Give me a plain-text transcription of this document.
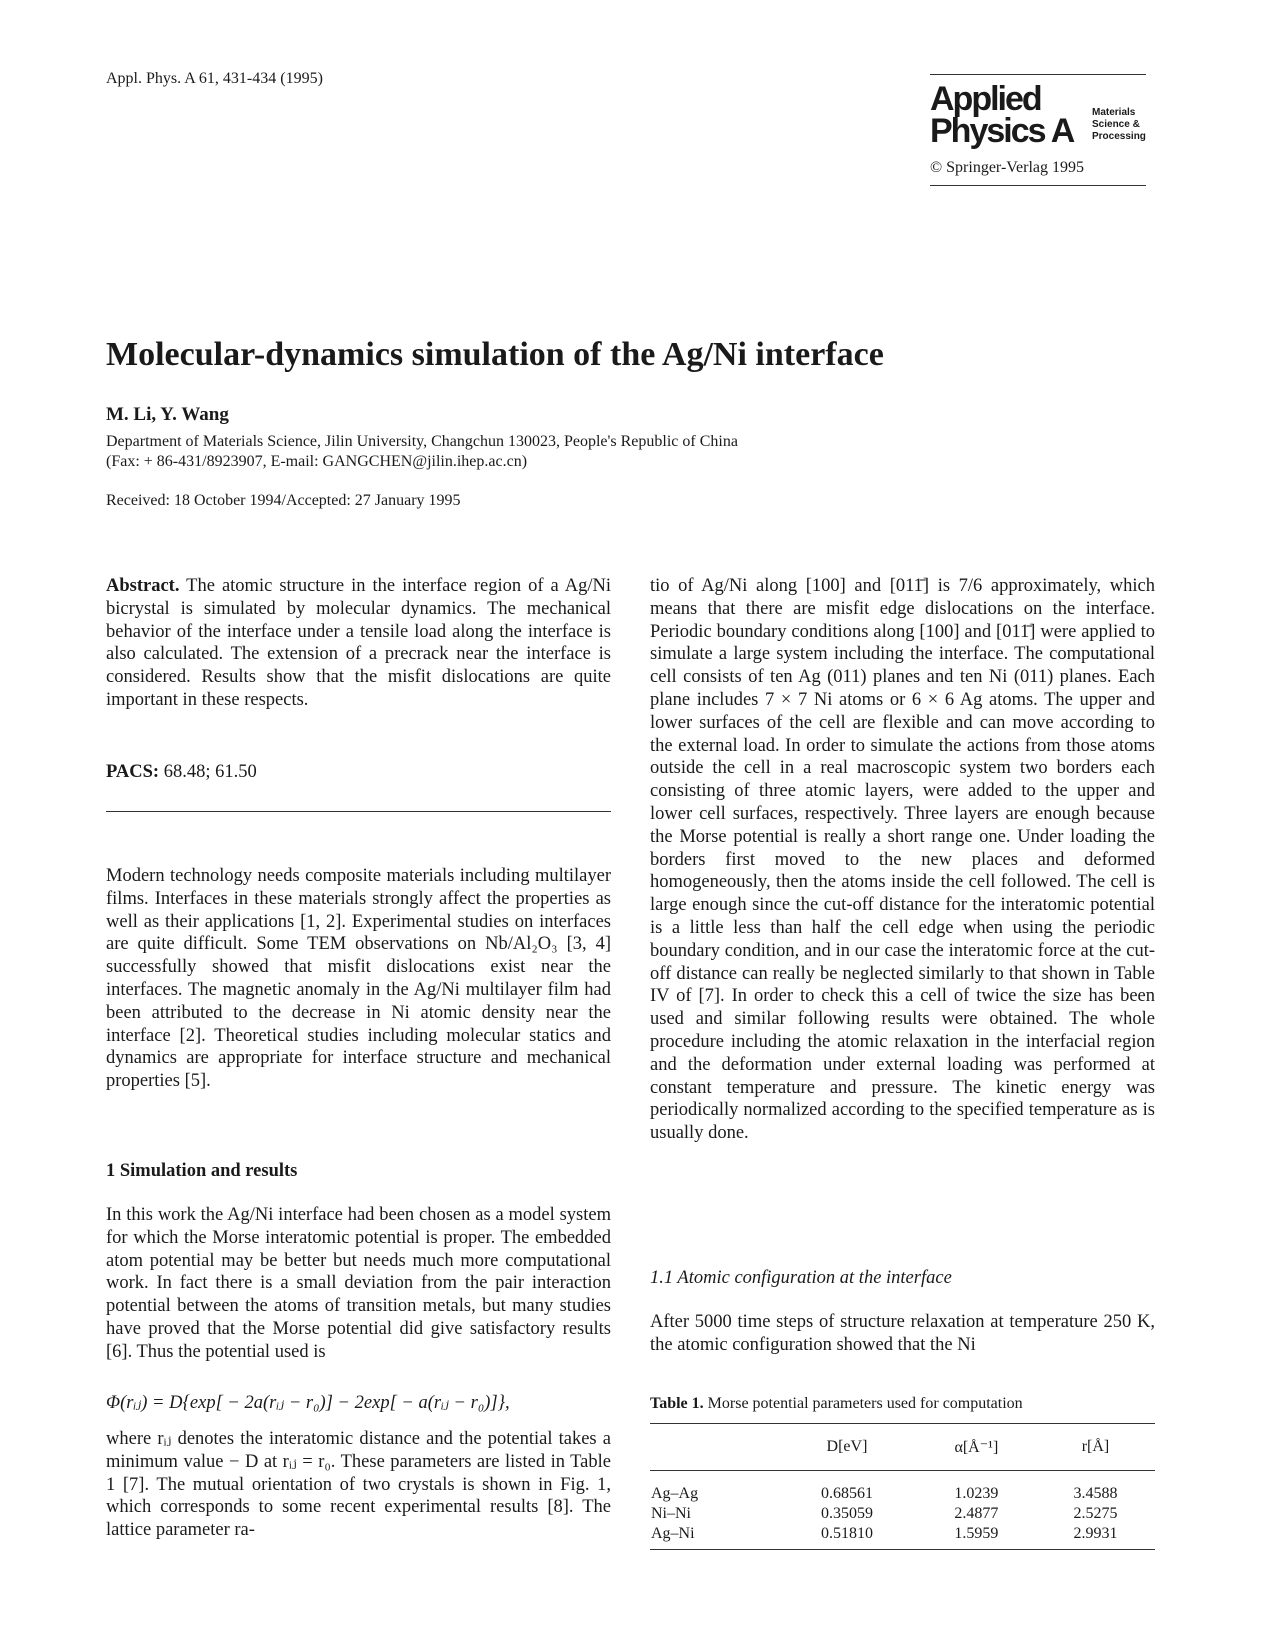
Appl. Phys. A 61, 431-434 (1995)
Applied
Physics A Materials
Science &
Processing
© Springer-Verlag 1995
Molecular-dynamics simulation of the Ag/Ni interface
M. Li, Y. Wang
Department of Materials Science, Jilin University, Changchun 130023, People's Republic of China
(Fax: + 86-431/8923907, E-mail: GANGCHEN@jilin.ihep.ac.cn)
Received: 18 October 1994/Accepted: 27 January 1995

Abstract. The atomic structure in the interface region of a Ag/Ni bicrystal is simulated by molecular dynamics. The mechanical behavior of the interface under a tensile load along the interface is also calculated. The extension of a precrack near the interface is considered. Results show that the misfit dislocations are quite important in these respects.

PACS: 68.48; 61.50

Modern technology needs composite materials including multilayer films. Interfaces in these materials strongly affect the properties as well as their applications [1, 2]. Experimental studies on interfaces are quite difficult. Some TEM observations on Nb/Al₂O₃ [3, 4] successfully showed that misfit dislocations exist near the interfaces. The magnetic anomaly in the Ag/Ni multilayer film had been attributed to the decrease in Ni atomic density near the interface [2]. Theoretical studies including molecular statics and dynamics are appropriate for interface structure and mechanical properties [5].

1 Simulation and results

In this work the Ag/Ni interface had been chosen as a model system for which the Morse interatomic potential is proper. The embedded atom potential may be better but needs much more computational work. In fact there is a small deviation from the pair interaction potential between the atoms of transition metals, but many studies have proved that the Morse potential did give satisfactory results [6]. Thus the potential used is

Φ(rᵢⱼ) = D{exp[ − 2a(rᵢⱼ − r₀)] − 2exp[ − a(rᵢⱼ − r₀)]},

where rᵢⱼ denotes the interatomic distance and the potential takes a minimum value − D at rᵢⱼ = r₀. These parameters are listed in Table 1 [7]. The mutual orientation of two crystals is shown in Fig. 1, which corresponds to some recent experimental results [8]. The lattice parameter ra-

tio of Ag/Ni along [100] and [011̄] is 7/6 approximately, which means that there are misfit edge dislocations on the interface. Periodic boundary conditions along [100] and [011̄] were applied to simulate a large system including the interface. The computational cell consists of ten Ag (011) planes and ten Ni (011) planes. Each plane includes 7 × 7 Ni atoms or 6 × 6 Ag atoms. The upper and lower surfaces of the cell are flexible and can move according to the external load. In order to simulate the actions from those atoms outside the cell in a real macroscopic system two borders each consisting of three atomic layers, were added to the upper and lower cell surfaces, respectively. Three layers are enough because the Morse potential is really a short range one. Under loading the borders first moved to the new places and deformed homogeneously, then the atoms inside the cell followed. The cell is large enough since the cut-off distance for the interatomic potential is a little less than half the cell edge when using the periodic boundary condition, and in our case the interatomic force at the cut-off distance can really be neglected similarly to that shown in Table IV of [7]. In order to check this a cell of twice the size has been used and similar following results were obtained. The whole procedure including the atomic relaxation in the interfacial region and the deformation under external loading was performed at constant temperature and pressure. The kinetic energy was periodically normalized according to the specified temperature as is usually done.

1.1 Atomic configuration at the interface

After 5000 time steps of structure relaxation at temperature 250 K, the atomic configuration showed that the Ni

Table 1. Morse potential parameters used for computation
	D[eV]	α[Å⁻¹]	r[Å]
Ag–Ag	0.68561	1.0239	3.4588
Ni–Ni	0.35059	2.4877	2.5275
Ag–Ni	0.51810	1.5959	2.9931
